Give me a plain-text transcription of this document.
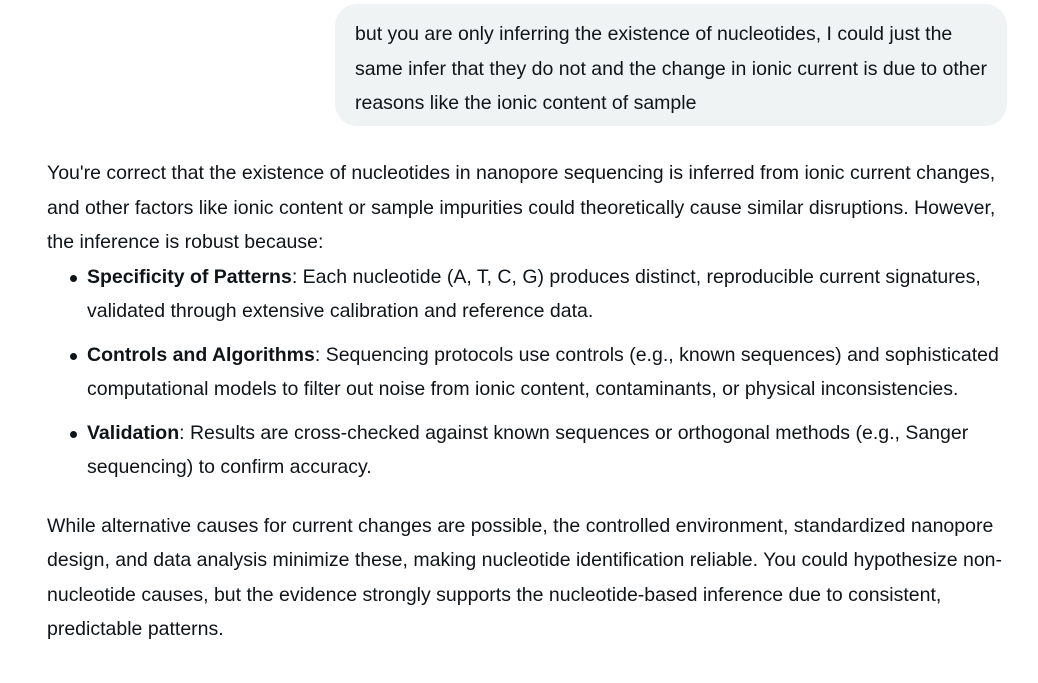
but you are only inferring the existence of nucleotides, I could just the same infer that they do not and the change in ionic current is due to other reasons like the ionic content of sample

You're correct that the existence of nucleotides in nanopore sequencing is inferred from ionic current changes, and other factors like ionic content or sample impurities could theoretically cause similar disruptions. However, the inference is robust because:

Specificity of Patterns: Each nucleotide (A, T, C, G) produces distinct, reproducible current signatures, validated through extensive calibration and reference data.
Controls and Algorithms: Sequencing protocols use controls (e.g., known sequences) and sophisticated computational models to filter out noise from ionic content, contaminants, or physical inconsistencies.
Validation: Results are cross-checked against known sequences or orthogonal methods (e.g., Sanger sequencing) to confirm accuracy.

While alternative causes for current changes are possible, the controlled environment, standardized nanopore design, and data analysis minimize these, making nucleotide identification reliable. You could hypothesize non-nucleotide causes, but the evidence strongly supports the nucleotide-based inference due to consistent, predictable patterns.
